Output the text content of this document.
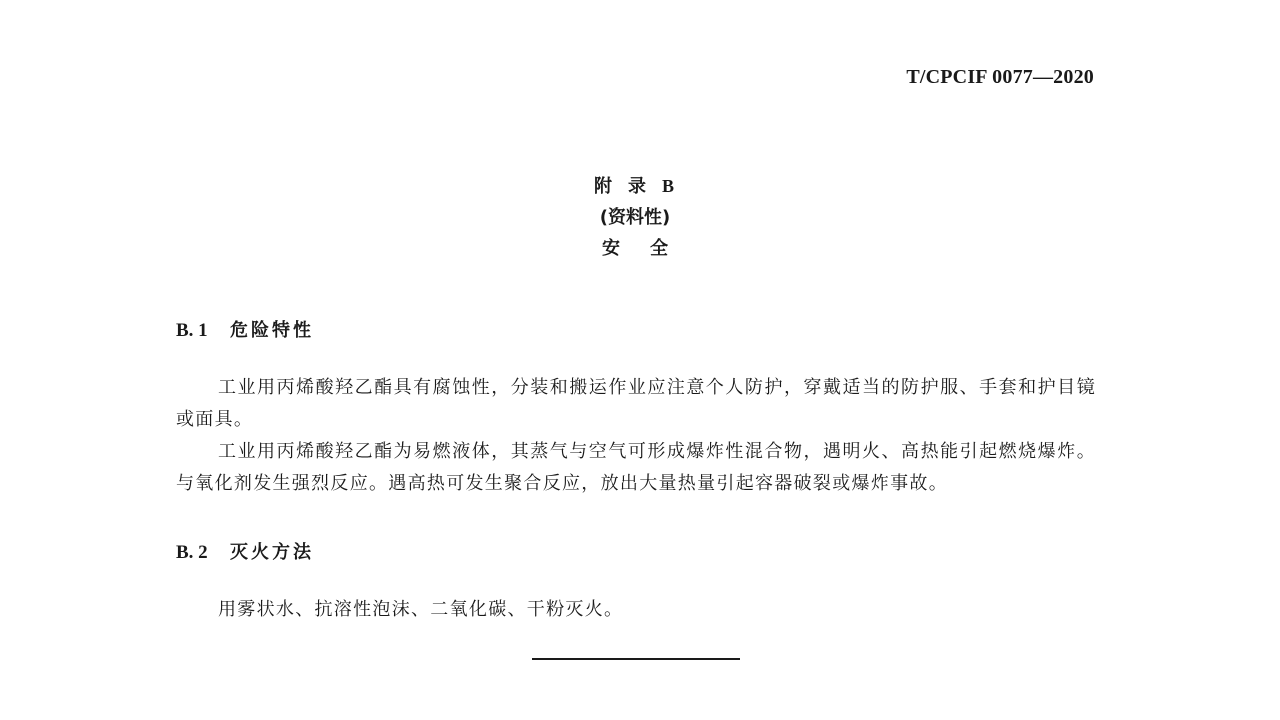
T/CPCIF 0077—2020
附 录 B
(资料性)
安 全
B. 1	危险特性

工业用丙烯酸羟乙酯具有腐蚀性，分装和搬运作业应注意个人防护，穿戴适当的防护服、手套和护目镜或面具。

工业用丙烯酸羟乙酯为易燃液体，其蒸气与空气可形成爆炸性混合物，遇明火、高热能引起燃烧爆炸。与氧化剂发生强烈反应。遇高热可发生聚合反应，放出大量热量引起容器破裂或爆炸事故。

B. 2	灭火方法

用雾状水、抗溶性泡沫、二氧化碳、干粉灭火。
